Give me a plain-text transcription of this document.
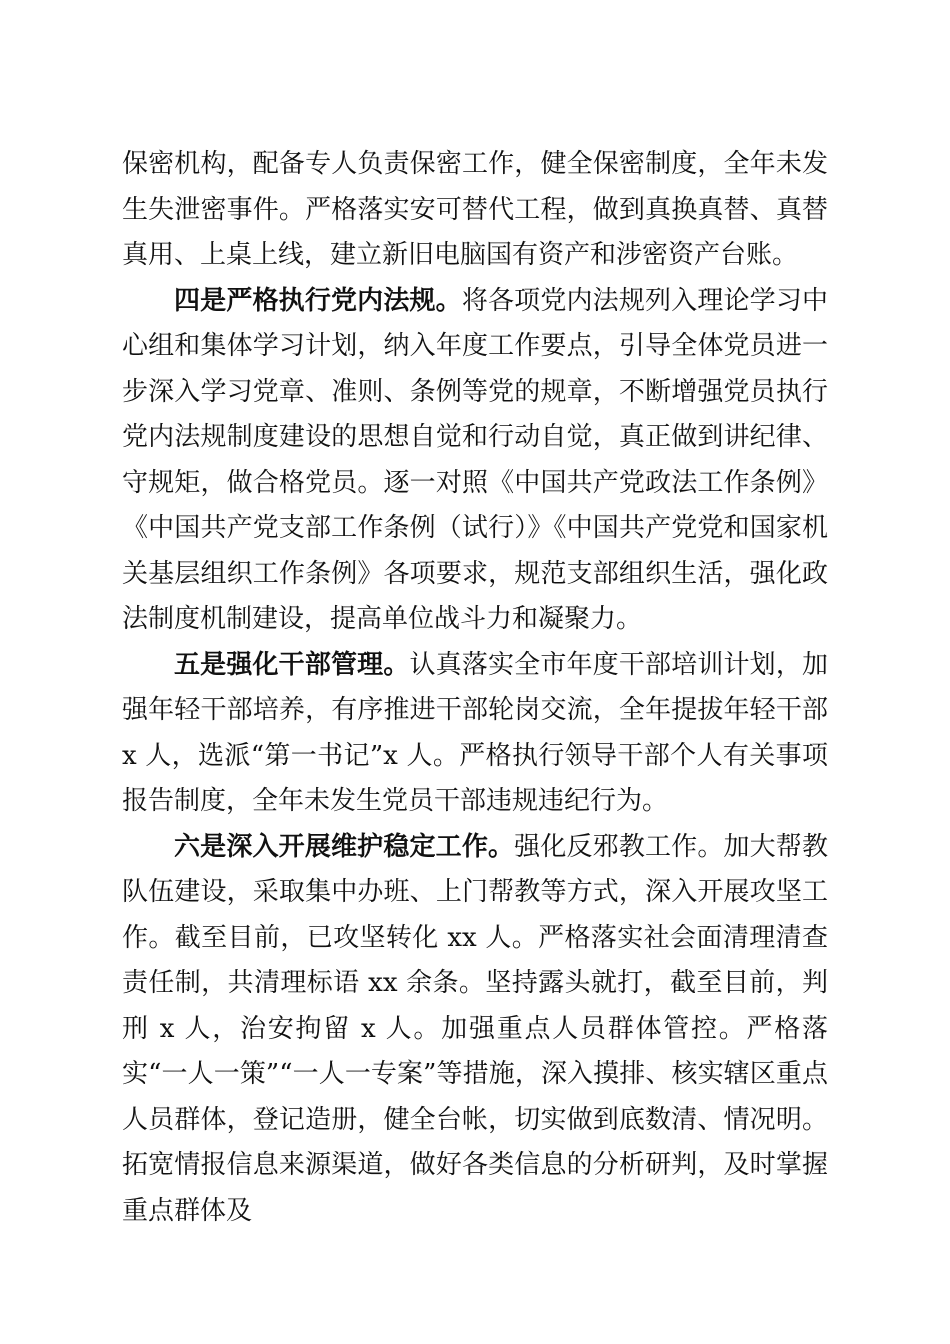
保密机构，配备专人负责保密工作，健全保密制度，全年未发生失泄密事件。严格落实安可替代工程，做到真换真替、真替真用、上桌上线，建立新旧电脑国有资产和涉密资产台账。

四是严格执行党内法规。将各项党内法规列入理论学习中心组和集体学习计划，纳入年度工作要点，引导全体党员进一步深入学习党章、准则、条例等党的规章，不断增强党员执行党内法规制度建设的思想自觉和行动自觉，真正做到讲纪律、守规矩，做合格党员。逐一对照《中国共产党政法工作条例》《中国共产党支部工作条例（试行）》《中国共产党党和国家机关基层组织工作条例》各项要求，规范支部组织生活，强化政法制度机制建设，提高单位战斗力和凝聚力。

五是强化干部管理。认真落实全市年度干部培训计划，加强年轻干部培养，有序推进干部轮岗交流，全年提拔年轻干部 x 人，选派“第一书记”x 人。严格执行领导干部个人有关事项报告制度，全年未发生党员干部违规违纪行为。

六是深入开展维护稳定工作。强化反邪教工作。加大帮教队伍建设，采取集中办班、上门帮教等方式，深入开展攻坚工作。截至目前，已攻坚转化 xx 人。严格落实社会面清理清查责任制，共清理标语 xx 余条。坚持露头就打，截至目前，判刑 x 人，治安拘留 x 人。加强重点人员群体管控。严格落实“一人一策”“一人一专案”等措施，深入摸排、核实辖区重点人员群体，登记造册，健全台帐，切实做到底数清、情况明。拓宽情报信息来源渠道，做好各类信息的分析研判，及时掌握重点群体及
